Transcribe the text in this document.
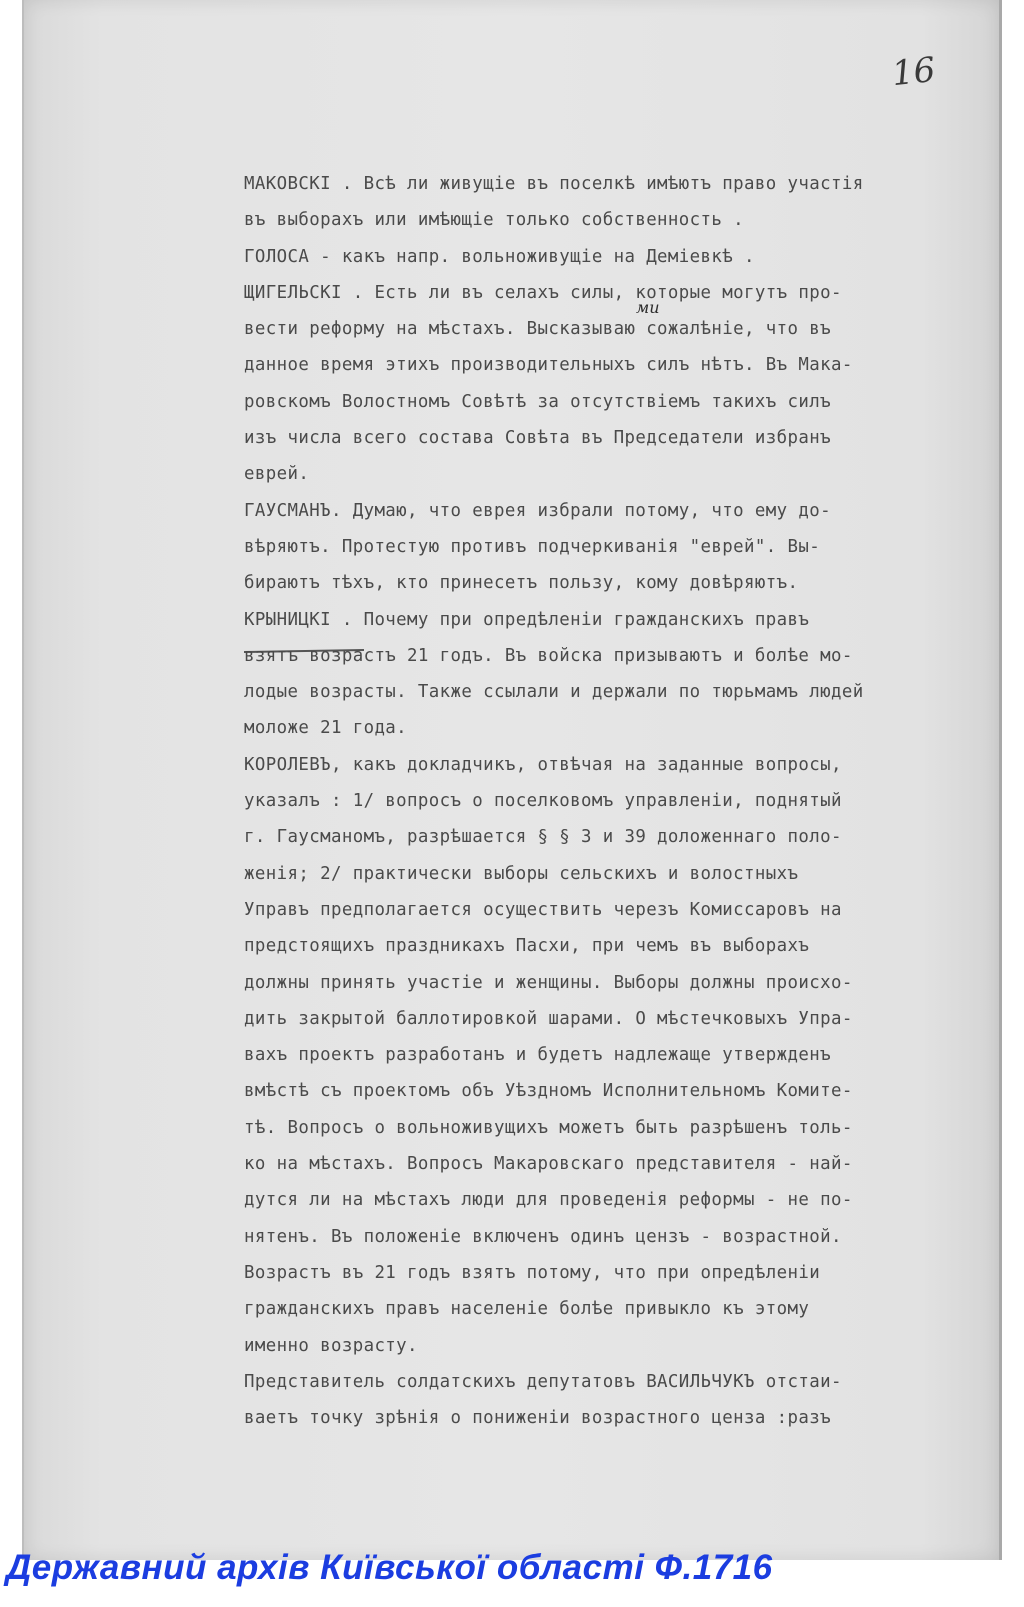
16
ми
МАКОВСКІ . Всѣ ли живущіе въ поселкѣ имѣютъ право участія
въ выборахъ или имѣющіе только собственность .
ГОЛОСА - какъ напр. вольноживущіе на Деміевкѣ .
ЩИГЕЛЬСКІ . Есть ли въ селахъ силы, которые могутъ про-
вести реформу на мѣстахъ. Высказываю сожалѣніе, что въ
данное время этихъ производительныхъ силъ нѣтъ. Въ Мака-
ровскомъ Волостномъ Совѣтѣ за отсутствіемъ такихъ силъ
изъ числа всего состава Совѣта въ Председатели избранъ
еврей.
ГАУСМАНЪ. Думаю, что еврея избрали потому, что ему до-
вѣряютъ. Протестую противъ подчеркиванія "еврей". Вы-
бираютъ тѣхъ, кто принесетъ пользу, кому довѣряютъ.
КРЫНИЦКІ . Почему при опредѣленіи гражданскихъ правъ
взятъ возрастъ 21 годъ. Въ войска призываютъ и болѣе мо-
лодые возрасты. Также ссылали и держали по тюрьмамъ людей
моложе 21 года.
КОРОЛЕВЪ, какъ докладчикъ, отвѣчая на заданные вопросы,
указалъ : 1/ вопросъ о поселковомъ управленіи, поднятый
г. Гаусманомъ, разрѣшается § § 3 и 39 доложеннаго поло-
женія; 2/ практически выборы сельскихъ и волостныхъ
Управъ предполагается осуществить черезъ Комиссаровъ на
предстоящихъ праздникахъ Пасхи, при чемъ въ выборахъ
должны принять участіе и женщины. Выборы должны происхо-
дить закрытой баллотировкой шарами. О мѣстечковыхъ Упра-
вахъ проектъ разработанъ и будетъ надлежаще утвержденъ
вмѣстѣ съ проектомъ объ Уѣздномъ Исполнительномъ Комите-
тѣ. Вопросъ о вольноживущихъ можетъ быть разрѣшенъ толь-
ко на мѣстахъ. Вопросъ Макаровскаго представителя - най-
дутся ли на мѣстахъ люди для проведенія реформы - не по-
нятенъ. Въ положеніе включенъ одинъ цензъ - возрастной.
Возрастъ въ 21 годъ взятъ потому, что при опредѣленіи
гражданскихъ правъ населеніе болѣе привыкло къ этому
именно возрасту.
Представитель солдатскихъ депутатовъ ВАСИЛЬЧУКЪ отстаи-
ваетъ точку зрѣнія о пониженіи возрастного ценза :разъ
Державний архів Київської області Ф.1716
